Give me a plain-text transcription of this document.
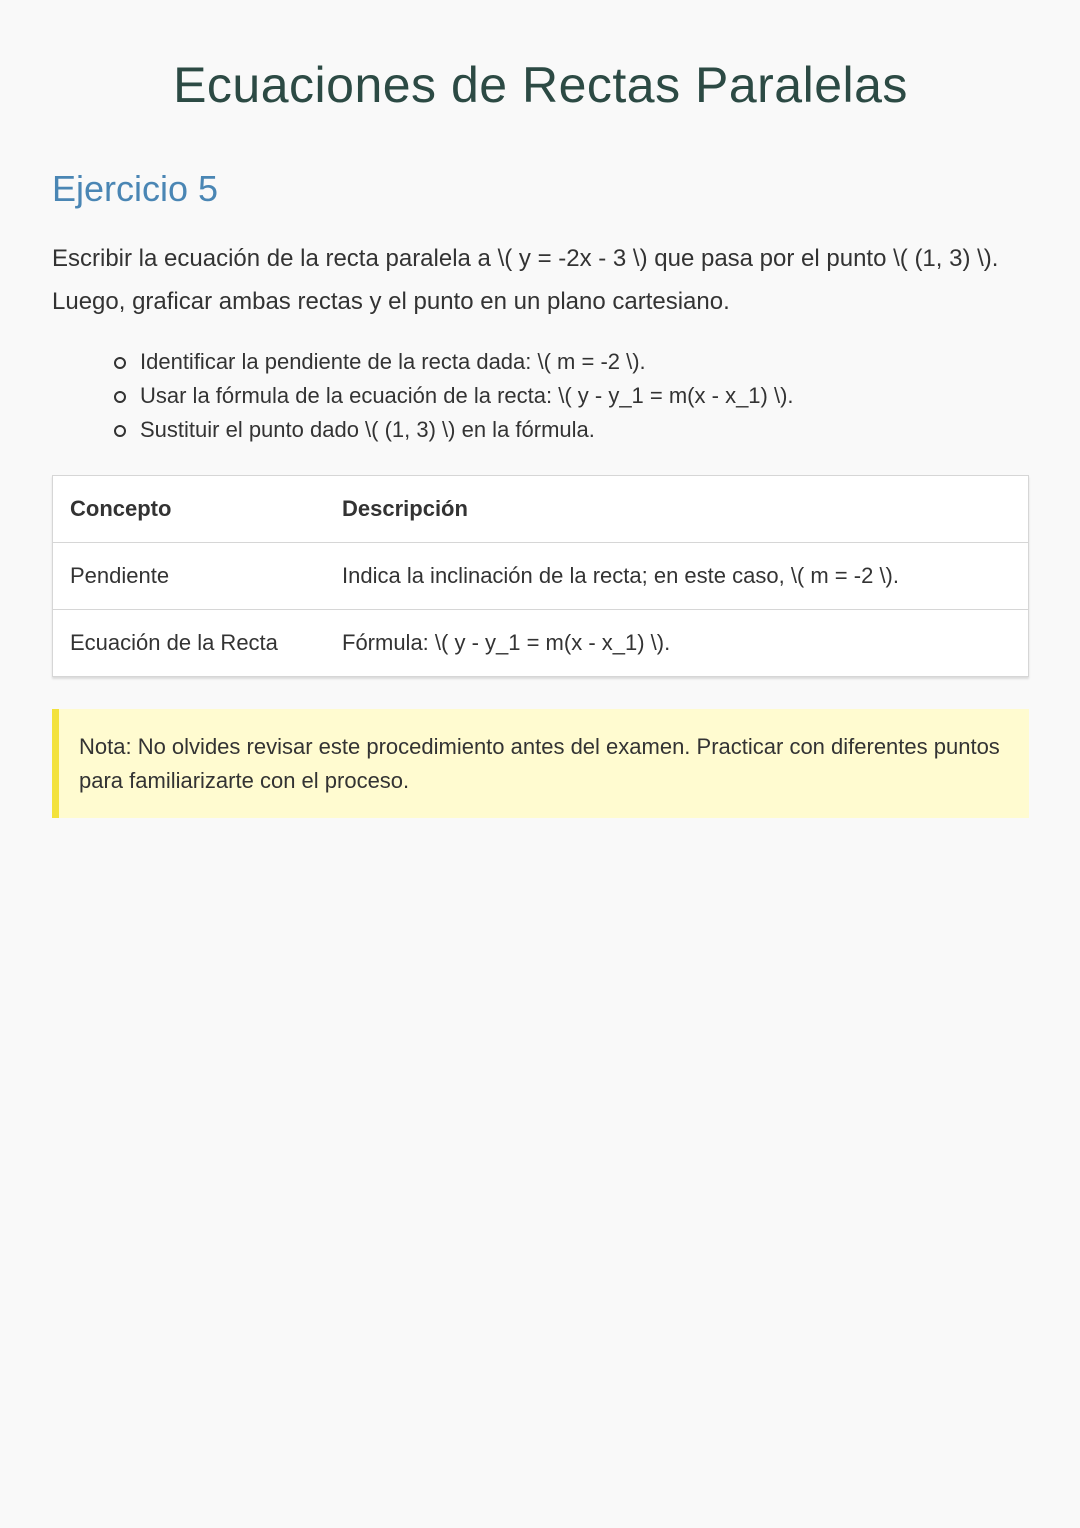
Ecuaciones de Rectas Paralelas
Ejercicio 5

Escribir la ecuación de la recta paralela a \( y = -2x - 3 \) que pasa por el punto \( (1, 3) \). Luego, graficar ambas rectas y el punto en un plano cartesiano.

Identificar la pendiente de la recta dada: \( m = -2 \).
Usar la fórmula de la ecuación de la recta: \( y - y_1 = m(x - x_1) \).
Sustituir el punto dado \( (1, 3) \) en la fórmula.
Concepto	Descripción
Pendiente	Indica la inclinación de la recta; en este caso, \( m = -2 \).
Ecuación de la Recta	Fórmula: \( y - y_1 = m(x - x_1) \).
Nota: No olvides revisar este procedimiento antes del examen. Practicar con diferentes puntos para familiarizarte con el proceso.
